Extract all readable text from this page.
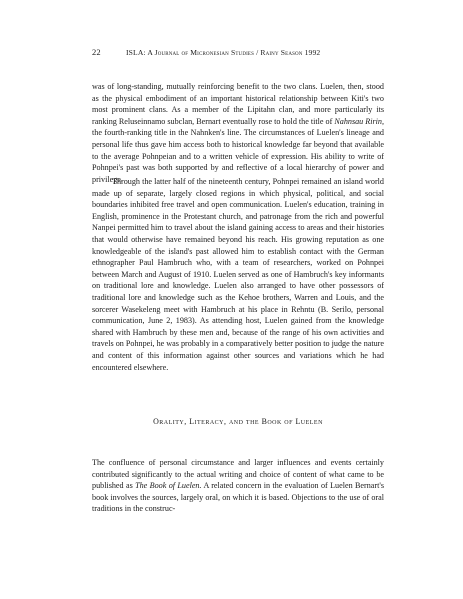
22	ISLA: A Journal of Micronesian Studies / Rainy Season 1992

was of long-standing, mutually reinforcing benefit to the two clans. Luelen, then, stood as the physical embodiment of an important historical relationship between Kiti's two most prominent clans. As a member of the Lipitahn clan, and more particularly its ranking Reluseinnamo subclan, Bernart eventually rose to hold the title of Nahnsau Ririn, the fourth-ranking title in the Nahnken's line. The circumstances of Luelen's lineage and personal life thus gave him access both to historical knowledge far beyond that available to the average Pohnpeian and to a written vehicle of expression. His ability to write of Pohnpei's past was both supported by and reflective of a local hierarchy of power and privilege.

Through the latter half of the nineteenth century, Pohnpei remained an island world made up of separate, largely closed regions in which physical, political, and social boundaries inhibited free travel and open communication. Luelen's education, training in English, prominence in the Protestant church, and patronage from the rich and powerful Nanpei permitted him to travel about the island gaining access to areas and their histories that would otherwise have remained beyond his reach. His growing reputation as one knowledgeable of the island's past allowed him to establish contact with the German ethnographer Paul Hambruch who, with a team of researchers, worked on Pohnpei between March and August of 1910. Luelen served as one of Hambruch's key informants on traditional lore and knowledge. Luelen also arranged to have other possessors of traditional lore and knowledge such as the Kehoe brothers, Warren and Louis, and the sorcerer Wasekeleng meet with Hambruch at his place in Rehntu (B. Serilo, personal communication, June 2, 1983). As attending host, Luelen gained from the knowledge shared with Hambruch by these men and, because of the range of his own activities and travels on Pohnpei, he was probably in a comparatively better position to judge the nature and content of this information against other sources and variations which he had encountered elsewhere.

Orality, Literacy, and the Book of Luelen

The confluence of personal circumstance and larger influences and events certainly contributed significantly to the actual writing and choice of content of what came to be published as The Book of Luelen. A related concern in the evaluation of Luelen Bernart's book involves the sources, largely oral, on which it is based. Objections to the use of oral traditions in the construc-
